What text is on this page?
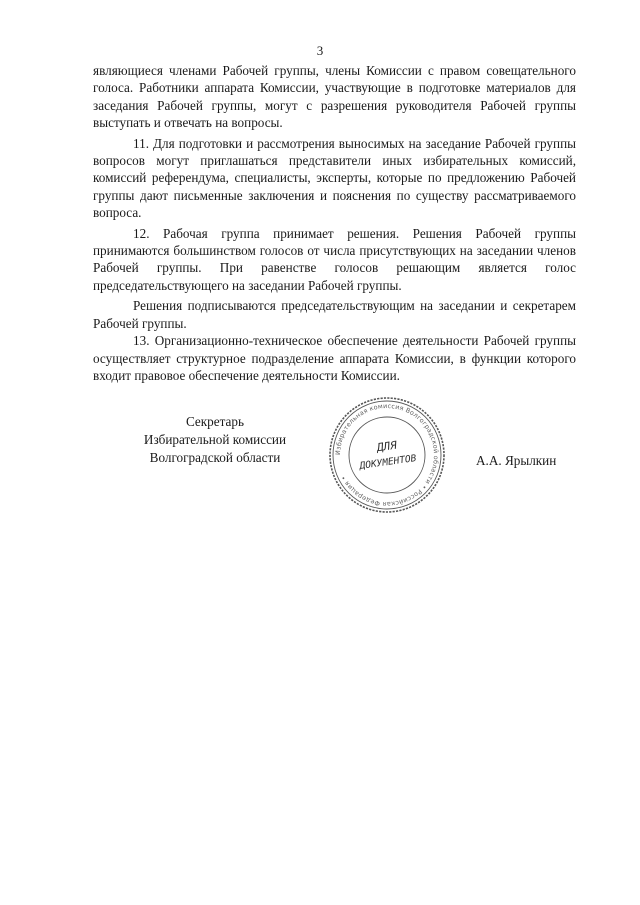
3

являющиеся членами Рабочей группы, члены Комиссии с правом совещательного голоса. Работники аппарата Комиссии, участвующие в подготовке материалов для заседания Рабочей группы, могут с разрешения руководителя Рабочей группы выступать и отвечать на вопросы.

11. Для подготовки и рассмотрения выносимых на заседание Рабочей группы вопросов могут приглашаться представители иных избирательных комиссий, комиссий референдума, специалисты, эксперты, которые по предложению Рабочей группы дают письменные заключения и пояснения по существу рассматриваемого вопроса.

12. Рабочая группа принимает решения. Решения Рабочей группы принимаются большинством голосов от числа присутствующих на заседании членов Рабочей группы. При равенстве голосов решающим является голос председательствующего на заседании Рабочей группы.

Решения подписываются председательствующим на заседании и секретарем Рабочей группы.

13. Организационно-техническое обеспечение деятельности Рабочей группы осуществляет структурное подразделение аппарата Комиссии, в функции которого входит правовое обеспечение деятельности Комиссии.

Секретарь
Избирательной комиссии
Волгоградской области	А.А. Ярылкин
Избирательная комиссия Волгоградской области • Российская Федерация •
ДЛЯ
ДОКУМЕНТОВ
